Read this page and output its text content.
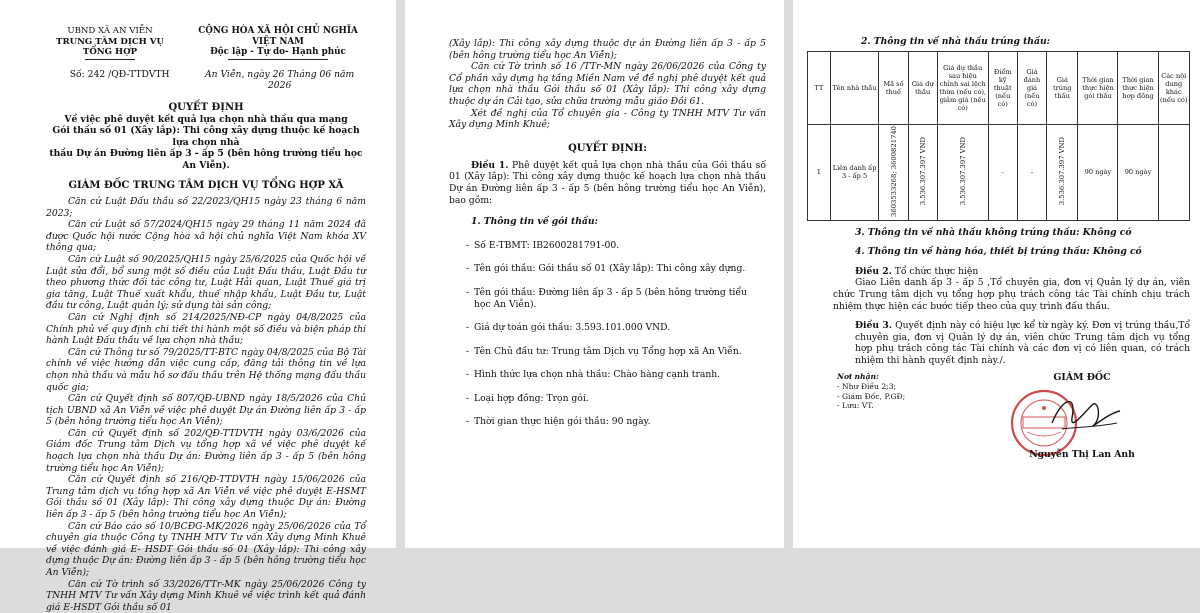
UBND XÃ AN VIỄN
TRUNG TÂM DỊCH VỤ TỔNG HỢP
CỘNG HÒA XÃ HỘI CHỦ NGHĨA VIỆT NAM
Độc lập - Tự do- Hạnh phúc
Số: 242 /QĐ-TTDVTH	An Viễn, ngày 26 Tháng 06 năm 2026
QUYẾT ĐỊNH
Về việc phê duyệt kết quả lựa chọn nhà thầu qua mạng
Gói thầu số 01 (Xây lắp): Thi công xây dựng thuộc kế hoạch lựa chọn nhà
thầu Dự án Đường liên ấp 3 - ấp 5 (bên hông trường tiểu học An Viễn).
GIÁM ĐỐC TRUNG TÂM DỊCH VỤ TỔNG HỢP XÃ
Căn cứ Luật Đấu thầu số 22/2023/QH15 ngày 23 tháng 6 năm 2023;
Căn cứ Luật số 57/2024/QH15 ngày 29 tháng 11 năm 2024 đã được Quốc hội nước Cộng hòa xã hội chủ nghĩa Việt Nam khóa XV thông qua;
Căn cứ Luật số 90/2025/QH15 ngày 25/6/2025 của Quốc hội về Luật sửa đổi, bổ sung một số điều của Luật Đấu thầu, Luật Đầu tư theo phương thức đối tác công tư, Luật Hải quan, Luật Thuế giá trị gia tăng, Luật Thuế xuất khẩu, thuế nhập khẩu, Luật Đầu tư, Luật đầu tư công, Luật quản lý; sử dụng tài sản công;
Căn cứ Nghị định số 214/2025/NĐ-CP ngày 04/8/2025 của Chính phủ về quy định chi tiết thi hành một số điều và biện pháp thi hành Luật Đấu thầu về lựa chọn nhà thầu;
Căn cứ Thông tư số 79/2025/TT-BTC ngày 04/8/2025 của Bộ Tài chính về việc hướng dẫn việc cung cấp, đăng tải thông tin về lựa chọn nhà thầu và mẫu hồ sơ đấu thầu trên Hệ thống mạng đấu thầu quốc gia;
Căn cứ Quyết định số 807/QĐ-UBND ngày 18/5/2026 của Chủ tịch UBND xã An Viễn về việc phê duyệt Dự án Đường liên ấp 3 - ấp 5 (bên hông trường tiểu học An Viễn);
Căn cứ Quyết định số 202/QĐ-TTDVTH ngày 03/6/2026 của Giám đốc Trung tâm Dịch vụ tổng hợp xã về việc phê duyệt kế hoạch lựa chọn nhà thầu Dự án: Đường liên ấp 3 - ấp 5 (bên hông trường tiểu học An Viễn);
Căn cứ Quyết định số 216/QĐ-TTDVTH ngày 15/06/2026 của Trung tâm dịch vụ tổng hợp xã An Viễn về việc phê duyệt E-HSMT Gói thầu số 01 (Xây lắp): Thi công xây dựng thuộc Dự án: Đường liên ấp 3 - ấp 5 (bên hông trường tiểu học An Viễn);
Căn cứ Báo cáo số 10/BCĐG-MK/2026 ngày 25/06/2026 của Tổ chuyên gia thuộc Công ty TNHH MTV Tư vấn Xây dựng Minh Khuê về việc đánh giá E- HSDT Gói thầu số 01 (Xây lắp): Thi công xây dựng thuộc Dự án: Đường liên ấp 3 - ấp 5 (bên hông trường tiểu học An Viễn);
Căn cứ Tờ trình số 33/2026/TTr-MK ngày 25/06/2026 Công ty TNHH MTV Tư vấn Xây dựng Minh Khuê về việc trình kết quả đánh giá E-HSDT Gói thầu số 01
(Xây lắp): Thi công xây dựng thuộc dự án Đường liên ấp 3 - ấp 5 (bên hông trường tiểu học An Viễn);
Căn cứ Tờ trình số 16 /TTr-MN ngày 26/06/2026 của Công ty Cổ phần xây dựng hạ tầng Miền Nam về đề nghị phê duyệt kết quả lựa chọn nhà thầu Gói thầu số 01 (Xây lắp): Thi công xây dựng thuộc dự án Cải tạo, sửa chữa trường mẫu giáo Đồi 61.
Xét đề nghị của Tổ chuyên gia - Công ty TNHH MTV Tư vấn Xây dựng Minh Khuê;
QUYẾT ĐỊNH:
Điều 1. Phê duyệt kết quả lựa chọn nhà thầu của Gói thầu số 01 (Xây lắp): Thi công xây dựng thuộc kế hoạch lựa chọn nhà thầu Dự án Đường liên ấp 3 - ấp 5 (bên hông trường tiểu học An Viễn), bao gồm:
1. Thông tin về gói thầu:
- Số E-TBMT: IB2600281791-00.
- Tên gói thầu: Gói thầu số 01 (Xây lắp): Thi công xây dựng.
- Tên gói thầu: Đường liên ấp 3 - ấp 5 (bên hông trường tiểu học An Viễn).
- Giá dự toán gói thầu: 3.593.101.000 VND.
- Tên Chủ đầu tư: Trung tâm Dịch vụ Tổng hợp xã An Viễn.
- Hình thức lựa chọn nhà thầu: Chào hàng cạnh tranh.
- Loại hợp đồng: Trọn gói.
- Thời gian thực hiện gói thầu: 90 ngày.
2. Thông tin về nhà thầu trúng thầu:
TT	Tên nhà thầu	Mã số thuế	Giá dự thầu	Giá dự thầu sau hiệu chỉnh sai lệch thừa (nếu có), giảm giá (nếu có)	Điểm kỹ thuật (nếu có)	Giá đánh giá (nếu có)	Giá trúng thầu	Thời gian thực hiện gói thầu	Thời gian thực hiện hợp đồng	Các nội dung khác (nếu có)
1	Liên danh ấp 3 - ấp 5	3603533268; 3600821740	3.536.307.397 VND	3.536.307.397 VND	-	-	3.536.307.397 VND	90 ngày	90 ngày	
3. Thông tin về nhà thầu không trúng thầu: Không có
4. Thông tin về hàng hóa, thiết bị trúng thầu: Không có
Điều 2. Tổ chức thực hiện
Giao Liên danh ấp 3 - ấp 5 ,Tổ chuyên gia, đơn vị Quản lý dự án, viên chức Trung tâm dịch vụ tổng hợp phụ trách công tác Tài chính chịu trách nhiệm thực hiện các bước tiếp theo của quy trình đấu thầu.
Điều 3. Quyết định này có hiệu lực kể từ ngày ký. Đơn vị trúng thầu,Tổ chuyên gia, đơn vị Quản lý dự án, viên chức Trung tâm dịch vụ tổng hợp phụ trách công tác Tài chính và các đơn vị có liên quan, có trách nhiệm thi hành quyết định này./.
Nơi nhận:
- Như Điều 2;3;
- Giám Đốc, P.GĐ;
- Lưu: VT.
GIÁM ĐỐC
Nguyễn Thị Lan Anh
